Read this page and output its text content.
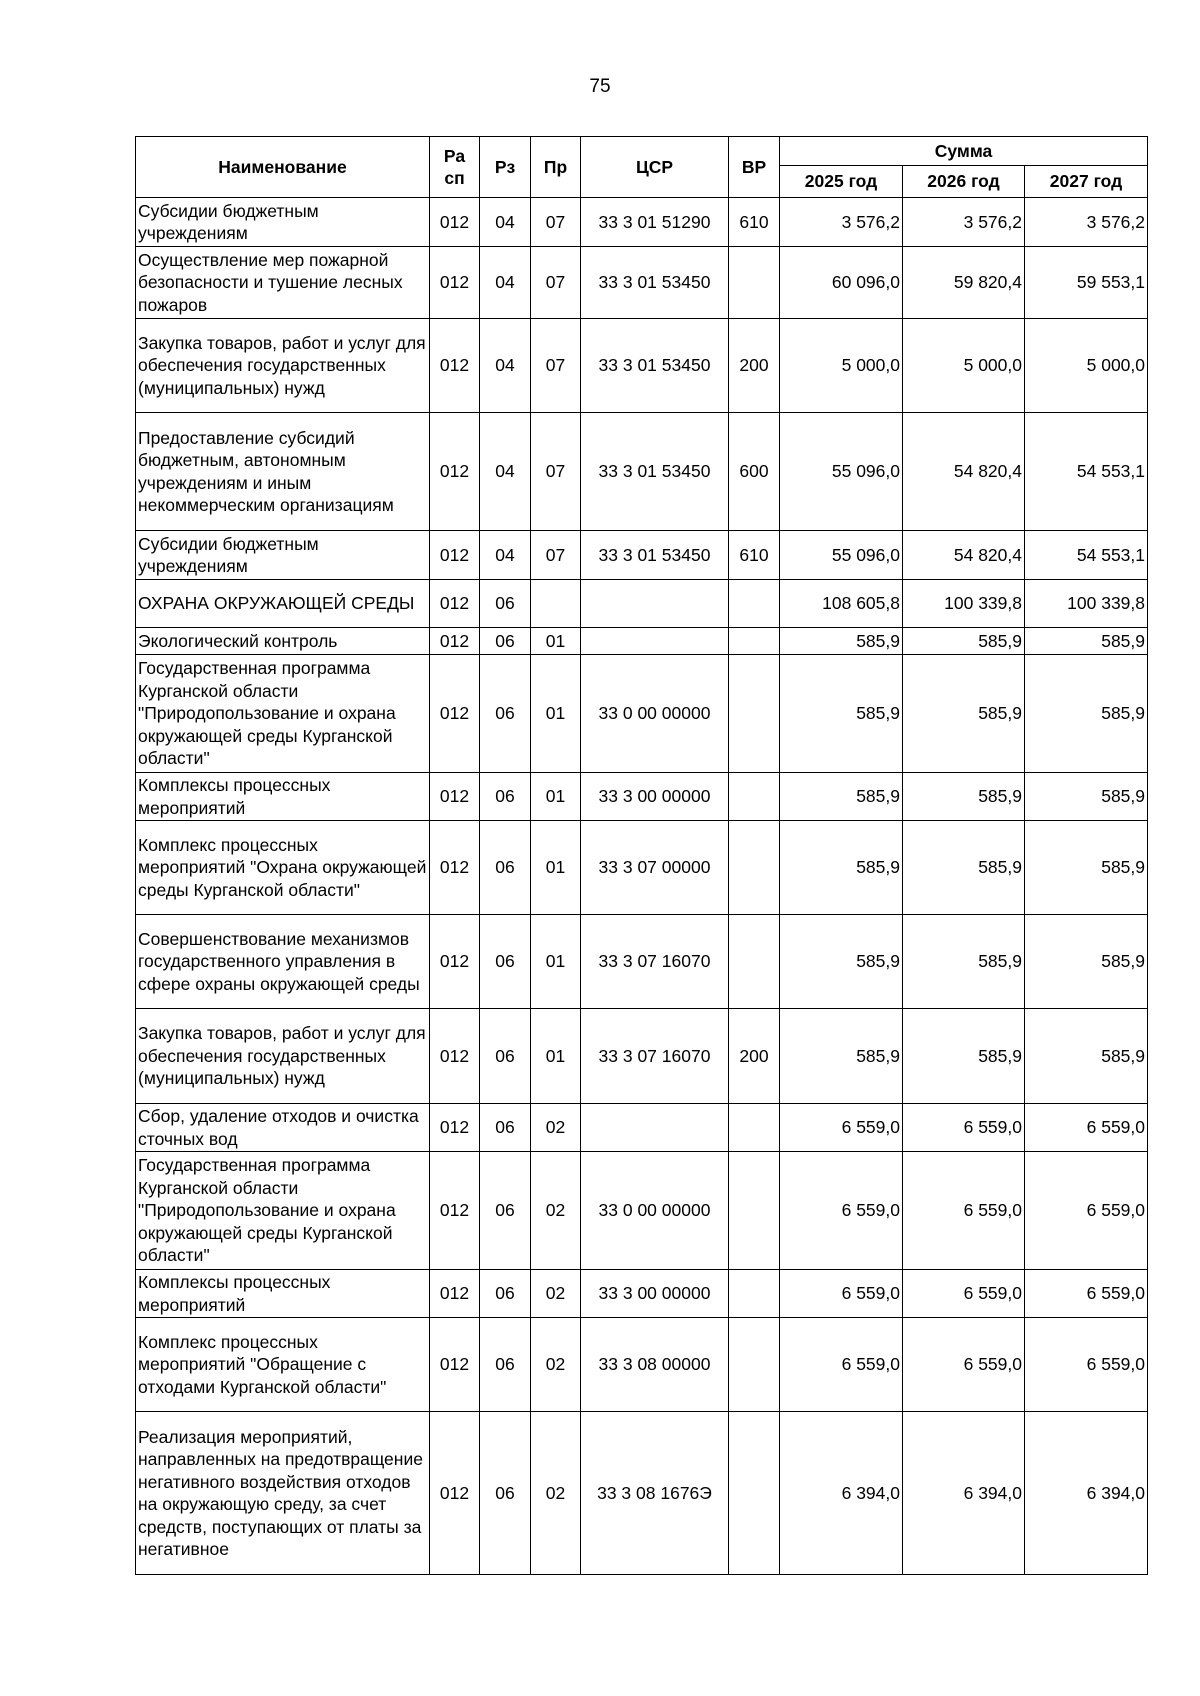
75
Наименование	Ра сп	Рз	Пр	ЦСР	ВР	Сумма		
						2025 год	2026 год	2027 год
Субсидии бюджетным учреждениям	012	04	07	33 3 01 51290	610	3 576,2	3 576,2	3 576,2
Осуществление мер пожарной безопасности и тушение лесных пожаров	012	04	07	33 3 01 53450		60 096,0	59 820,4	59 553,1
Закупка товаров, работ и услуг для обеспечения государственных (муниципальных) нужд	012	04	07	33 3 01 53450	200	5 000,0	5 000,0	5 000,0
Предоставление субсидий бюджетным, автономным учреждениям и иным некоммерческим организациям	012	04	07	33 3 01 53450	600	55 096,0	54 820,4	54 553,1
Субсидии бюджетным учреждениям	012	04	07	33 3 01 53450	610	55 096,0	54 820,4	54 553,1
ОХРАНА ОКРУЖАЮЩЕЙ СРЕДЫ	012	06				108 605,8	100 339,8	100 339,8
Экологический контроль	012	06	01			585,9	585,9	585,9
Государственная программа Курганской области "Природопользование и охрана окружающей среды Курганской области"	012	06	01	33 0 00 00000		585,9	585,9	585,9
Комплексы процессных мероприятий	012	06	01	33 3 00 00000		585,9	585,9	585,9
Комплекс процессных мероприятий "Охрана окружающей среды Курганской области"	012	06	01	33 3 07 00000		585,9	585,9	585,9
Совершенствование механизмов государственного управления в сфере охраны окружающей среды	012	06	01	33 3 07 16070		585,9	585,9	585,9
Закупка товаров, работ и услуг для обеспечения государственных (муниципальных) нужд	012	06	01	33 3 07 16070	200	585,9	585,9	585,9
Сбор, удаление отходов и очистка сточных вод	012	06	02			6 559,0	6 559,0	6 559,0
Государственная программа Курганской области "Природопользование и охрана окружающей среды Курганской области"	012	06	02	33 0 00 00000		6 559,0	6 559,0	6 559,0
Комплексы процессных мероприятий	012	06	02	33 3 00 00000		6 559,0	6 559,0	6 559,0
Комплекс процессных мероприятий "Обращение с отходами Курганской области"	012	06	02	33 3 08 00000		6 559,0	6 559,0	6 559,0
Реализация мероприятий, направленных на предотвращение негативного воздействия отходов на окружающую среду, за счет средств, поступающих от платы за негативное	012	06	02	33 3 08 1676Э		6 394,0	6 394,0	6 394,0
